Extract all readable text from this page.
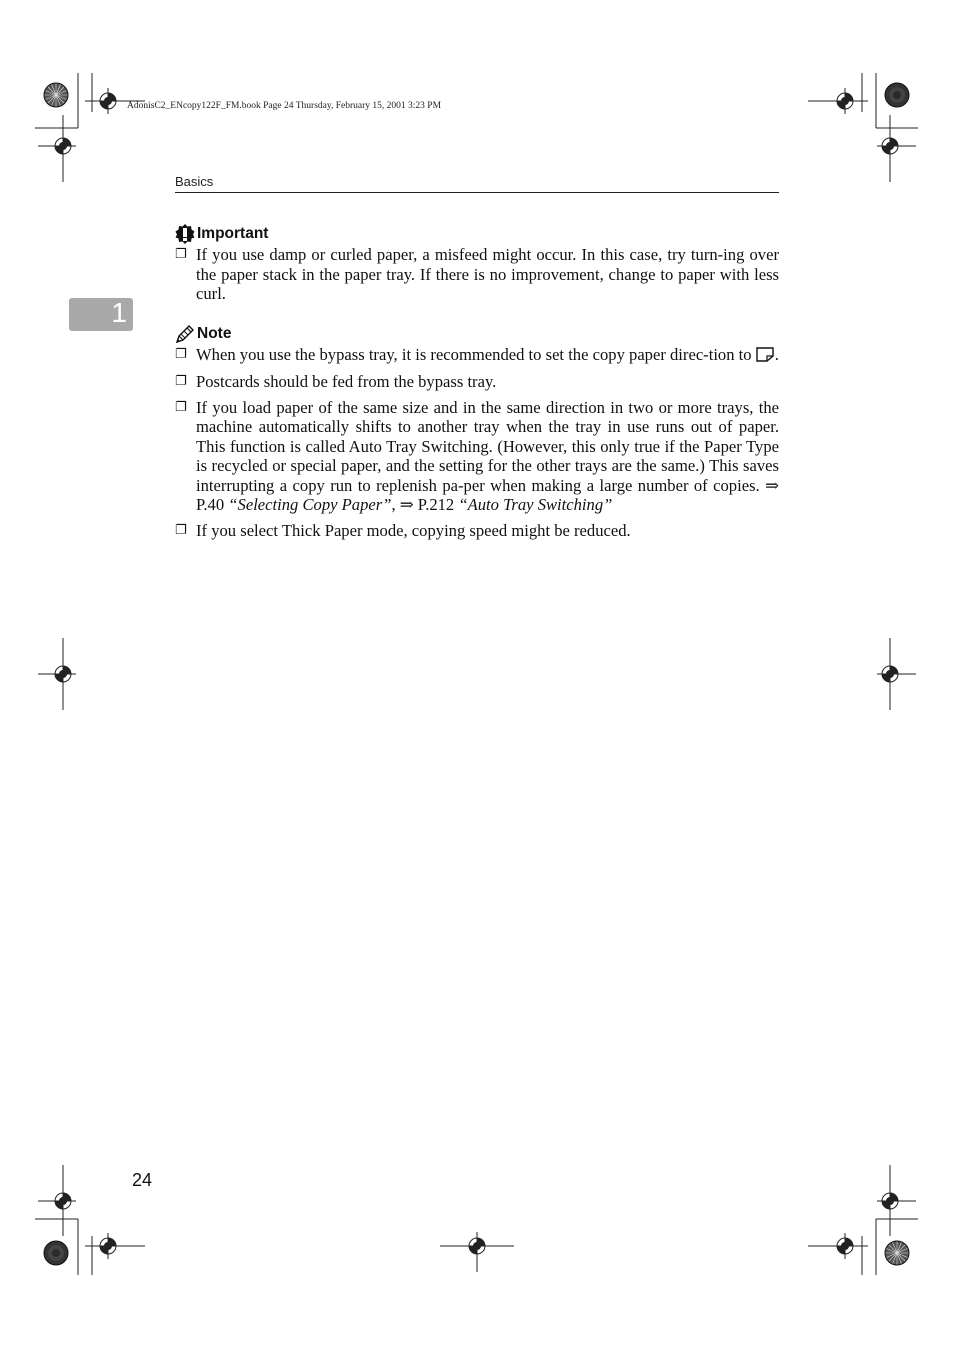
AdonisC2_ENcopy122F_FM.book Page 24 Thursday, February 15, 2001 3:23 PM
Basics
1
Important
❐ If you use damp or curled paper, a misfeed might occur. In this case, try turn-ing over the paper stack in the paper tray. If there is no improvement, change to paper with less curl.
Note
❐ When you use the bypass tray, it is recommended to set the copy paper direc-tion to .
❐ Postcards should be fed from the bypass tray.
❐ If you load paper of the same size and in the same direction in two or more trays, the machine automatically shifts to another tray when the tray in use runs out of paper. This function is called Auto Tray Switching. (However, this only true if the Paper Type is recycled or special paper, and the setting for the other trays are the same.) This saves interrupting a copy run to replenish pa-per when making a large number of copies. ⇒ P.40 “Selecting Copy Paper”, ⇒ P.212 “Auto Tray Switching”
❐ If you select Thick Paper mode, copying speed might be reduced.
24
